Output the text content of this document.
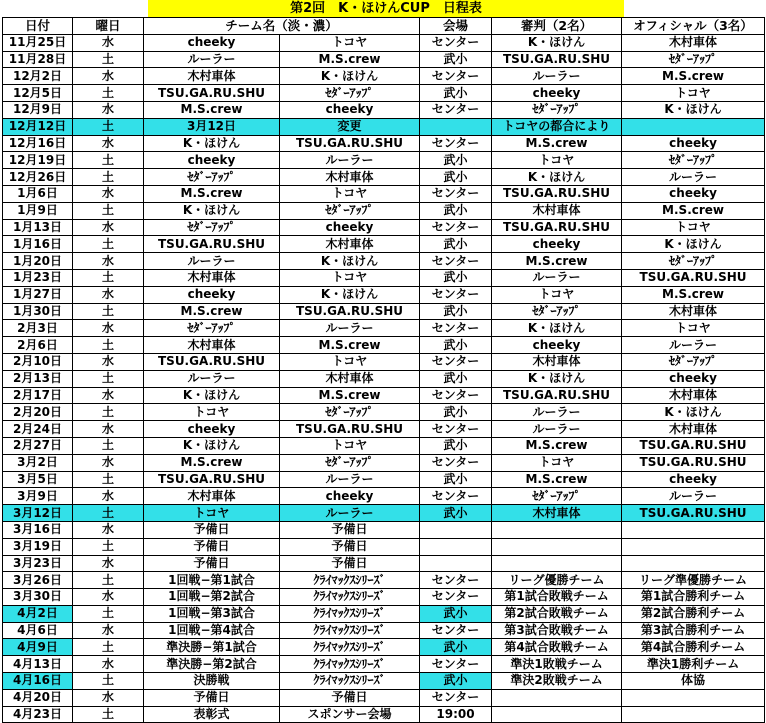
第2回　K・ほけんCUP　日程表
日付	曜日	チーム名（淡・濃）		会場	審判（2名）	オフィシャル（3名）
11月25日	水	cheeky	トコヤ	センター	K・ほけん	木村車体
11月28日	土	ルーラー	M.S.crew	武小	TSU.GA.RU.SHU	ｾﾀﾞｰｱｯﾌﾟ
12月2日	水	木村車体	K・ほけん	センター	ルーラー	M.S.crew
12月5日	土	TSU.GA.RU.SHU	ｾﾀﾞｰｱｯﾌﾟ	武小	cheeky	トコヤ
12月9日	水	M.S.crew	cheeky	センター	ｾﾀﾞｰｱｯﾌﾟ	K・ほけん
12月12日	土	3月12日	変更		トコヤの都合により	
12月16日	水	K・ほけん	TSU.GA.RU.SHU	センター	M.S.crew	cheeky
12月19日	土	cheeky	ルーラー	武小	トコヤ	ｾﾀﾞｰｱｯﾌﾟ
12月26日	土	ｾﾀﾞｰｱｯﾌﾟ	木村車体	武小	K・ほけん	ルーラー
1月6日	水	M.S.crew	トコヤ	センター	TSU.GA.RU.SHU	cheeky
1月9日	土	K・ほけん	ｾﾀﾞｰｱｯﾌﾟ	武小	木村車体	M.S.crew
1月13日	水	ｾﾀﾞｰｱｯﾌﾟ	cheeky	センター	TSU.GA.RU.SHU	トコヤ
1月16日	土	TSU.GA.RU.SHU	木村車体	武小	cheeky	K・ほけん
1月20日	水	ルーラー	K・ほけん	センター	M.S.crew	ｾﾀﾞｰｱｯﾌﾟ
1月23日	土	木村車体	トコヤ	武小	ルーラー	TSU.GA.RU.SHU
1月27日	水	cheeky	K・ほけん	センター	トコヤ	M.S.crew
1月30日	土	M.S.crew	TSU.GA.RU.SHU	武小	ｾﾀﾞｰｱｯﾌﾟ	木村車体
2月3日	水	ｾﾀﾞｰｱｯﾌﾟ	ルーラー	センター	K・ほけん	トコヤ
2月6日	土	木村車体	M.S.crew	武小	cheeky	ルーラー
2月10日	水	TSU.GA.RU.SHU	トコヤ	センター	木村車体	ｾﾀﾞｰｱｯﾌﾟ
2月13日	土	ルーラー	木村車体	武小	K・ほけん	cheeky
2月17日	水	K・ほけん	M.S.crew	センター	TSU.GA.RU.SHU	木村車体
2月20日	土	トコヤ	ｾﾀﾞｰｱｯﾌﾟ	武小	ルーラー	K・ほけん
2月24日	水	cheeky	TSU.GA.RU.SHU	センター	ルーラー	木村車体
2月27日	土	K・ほけん	トコヤ	武小	M.S.crew	TSU.GA.RU.SHU
3月2日	水	M.S.crew	ｾﾀﾞｰｱｯﾌﾟ	センター	トコヤ	TSU.GA.RU.SHU
3月5日	土	TSU.GA.RU.SHU	ルーラー	武小	M.S.crew	cheeky
3月9日	水	木村車体	cheeky	センター	ｾﾀﾞｰｱｯﾌﾟ	ルーラー
3月12日	土	トコヤ	ルーラー	武小	木村車体	TSU.GA.RU.SHU
3月16日	水	予備日	予備日			
3月19日	土	予備日	予備日			
3月23日	水	予備日	予備日			
3月26日	土	1回戦−第1試合	ｸﾗｲﾏｯｸｽｼﾘｰｽﾞ	センター	リーグ優勝チーム	リーグ準優勝チーム
3月30日	水	1回戦−第2試合	ｸﾗｲﾏｯｸｽｼﾘｰｽﾞ	センター	第1試合敗戦チーム	第1試合勝利チーム
4月2日	土	1回戦−第3試合	ｸﾗｲﾏｯｸｽｼﾘｰｽﾞ	武小	第2試合敗戦チーム	第2試合勝利チーム
4月6日	水	1回戦−第4試合	ｸﾗｲﾏｯｸｽｼﾘｰｽﾞ	センター	第3試合敗戦チーム	第3試合勝利チーム
4月9日	土	準決勝−第1試合	ｸﾗｲﾏｯｸｽｼﾘｰｽﾞ	武小	第4試合敗戦チーム	第4試合勝利チーム
4月13日	水	準決勝−第2試合	ｸﾗｲﾏｯｸｽｼﾘｰｽﾞ	センター	準決1敗戦チーム	準決1勝利チーム
4月16日	土	決勝戦	ｸﾗｲﾏｯｸｽｼﾘｰｽﾞ	武小	準決2敗戦チーム	体協
4月20日	水	予備日	予備日	センター		
4月23日	土	表彰式	スポンサー会場	19:00		
